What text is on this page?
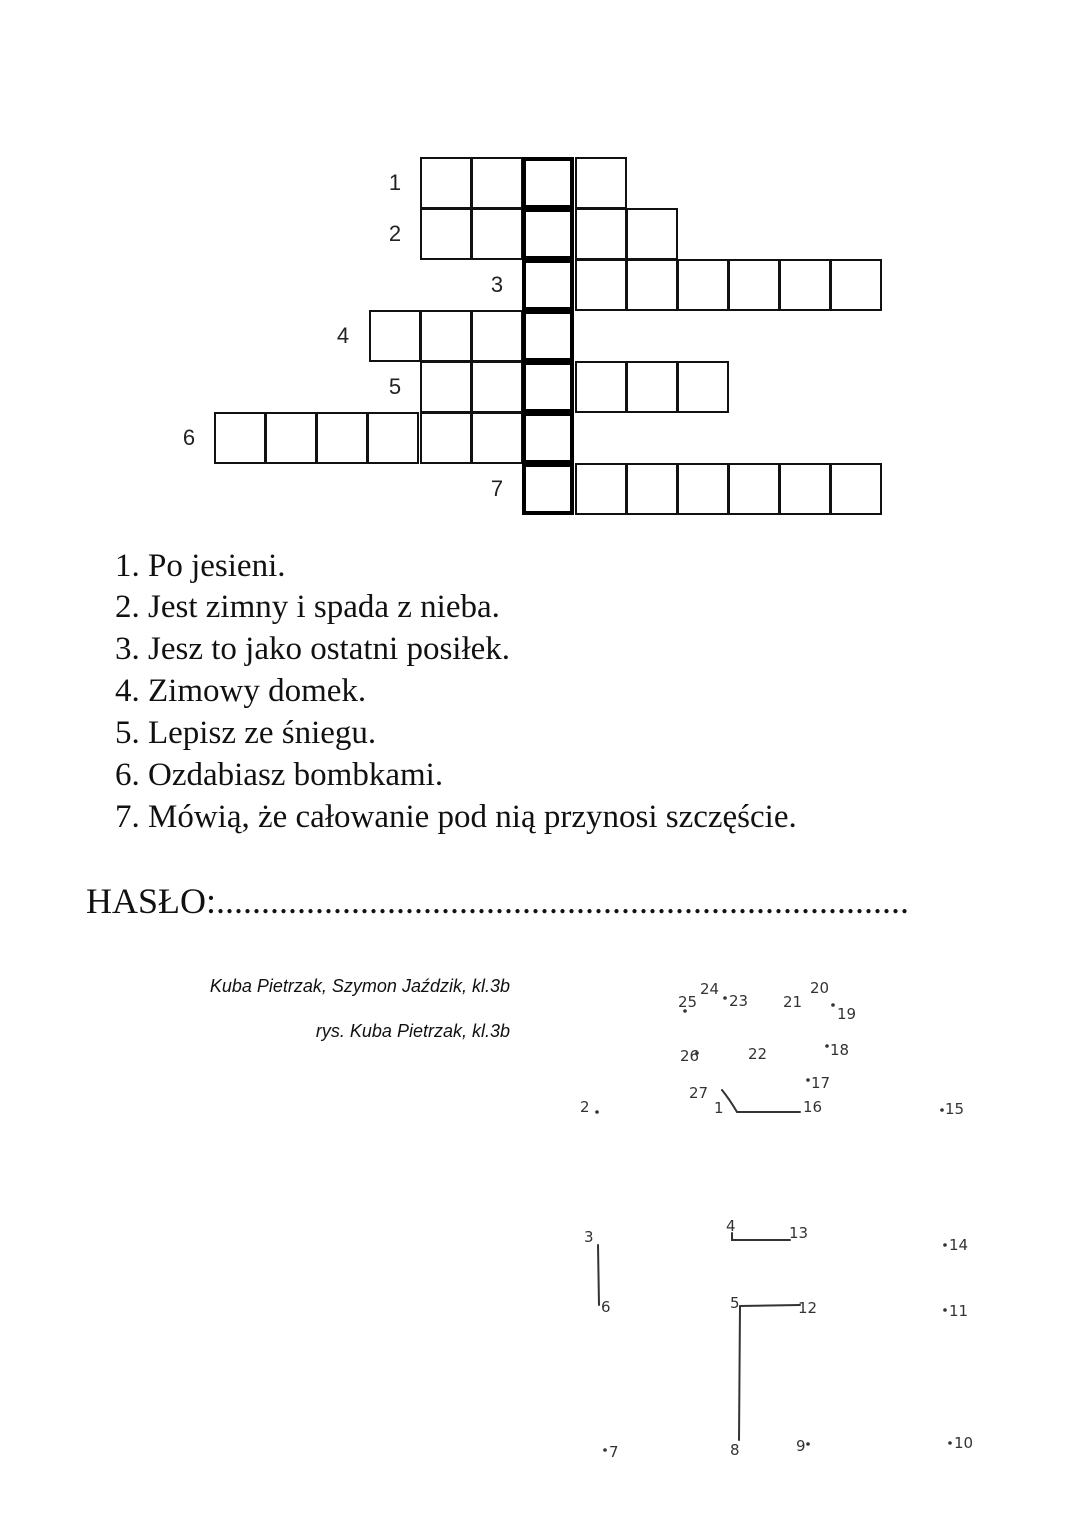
1
2
3
4
5
6
7
1. Po jesieni.
2. Jest zimny i spada z nieba.
3. Jesz to jako ostatni posiłek.
4. Zimowy domek.
5. Lepisz ze śniegu.
6. Ozdabiasz bombkami.
7. Mówią, że całowanie pod nią przynosi szczęście.
HASŁO:.............................................................................
Kuba Pietrzak, Szymon Jaździk, kl.3b
rys. Kuba Pietrzak, kl.3b
1
2
3
4
5
6
7	8	9	10
11
12
13
14
15
16
17
18
19
20
21
22
23
24
25
26
27
